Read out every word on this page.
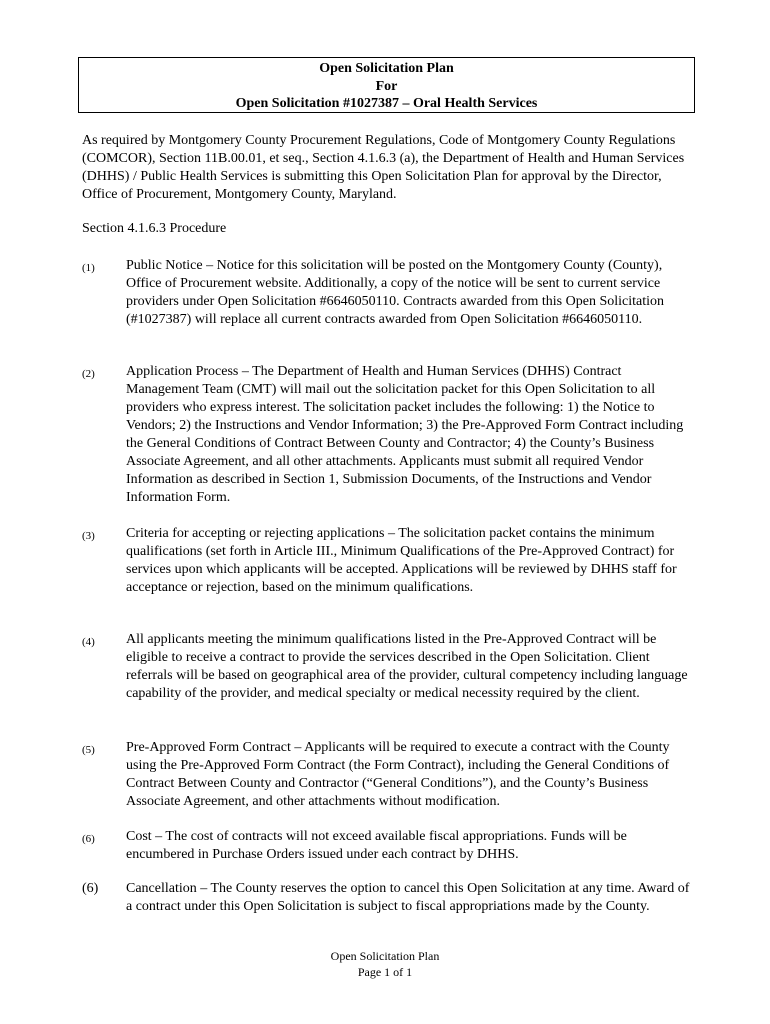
Open Solicitation Plan
For
Open Solicitation #1027387 – Oral Health Services

As required by Montgomery County Procurement Regulations, Code of Montgomery County Regulations (COMCOR), Section 11B.00.01, et seq., Section 4.1.6.3 (a), the Department of Health and Human Services (DHHS) / Public Health Services is submitting this Open Solicitation Plan for approval by the Director, Office of Procurement, Montgomery County, Maryland.

Section 4.1.6.3 Procedure

(1)	Public Notice – Notice for this solicitation will be posted on the Montgomery County (County), Office of Procurement website. Additionally, a copy of the notice will be sent to current service providers under Open Solicitation #6646050110. Contracts awarded from this Open Solicitation (#1027387) will replace all current contracts awarded from Open Solicitation #6646050110.
(2)	Application Process – The Department of Health and Human Services (DHHS) Contract Management Team (CMT) will mail out the solicitation packet for this Open Solicitation to all providers who express interest. The solicitation packet includes the following: 1) the Notice to Vendors; 2) the Instructions and Vendor Information; 3) the Pre-Approved Form Contract including the General Conditions of Contract Between County and Contractor; 4) the County’s Business Associate Agreement, and all other attachments. Applicants must submit all required Vendor Information as described in Section 1, Submission Documents, of the Instructions and Vendor Information Form.
(3)	Criteria for accepting or rejecting applications – The solicitation packet contains the minimum qualifications (set forth in Article III., Minimum Qualifications of the Pre-Approved Contract) for services upon which applicants will be accepted. Applications will be reviewed by DHHS staff for acceptance or rejection, based on the minimum qualifications.
(4)	All applicants meeting the minimum qualifications listed in the Pre-Approved Contract will be eligible to receive a contract to provide the services described in the Open Solicitation. Client referrals will be based on geographical area of the provider, cultural competency including language capability of the provider, and medical specialty or medical necessity required by the client.
(5)	Pre-Approved Form Contract – Applicants will be required to execute a contract with the County using the Pre-Approved Form Contract (the Form Contract), including the General Conditions of Contract Between County and Contractor (“General Conditions”), and the County’s Business Associate Agreement, and other attachments without modification.
(6)	Cost – The cost of contracts will not exceed available fiscal appropriations. Funds will be encumbered in Purchase Orders issued under each contract by DHHS.
(6)	Cancellation – The County reserves the option to cancel this Open Solicitation at any time. Award of a contract under this Open Solicitation is subject to fiscal appropriations made by the County.
Open Solicitation Plan
Page 1 of 1
